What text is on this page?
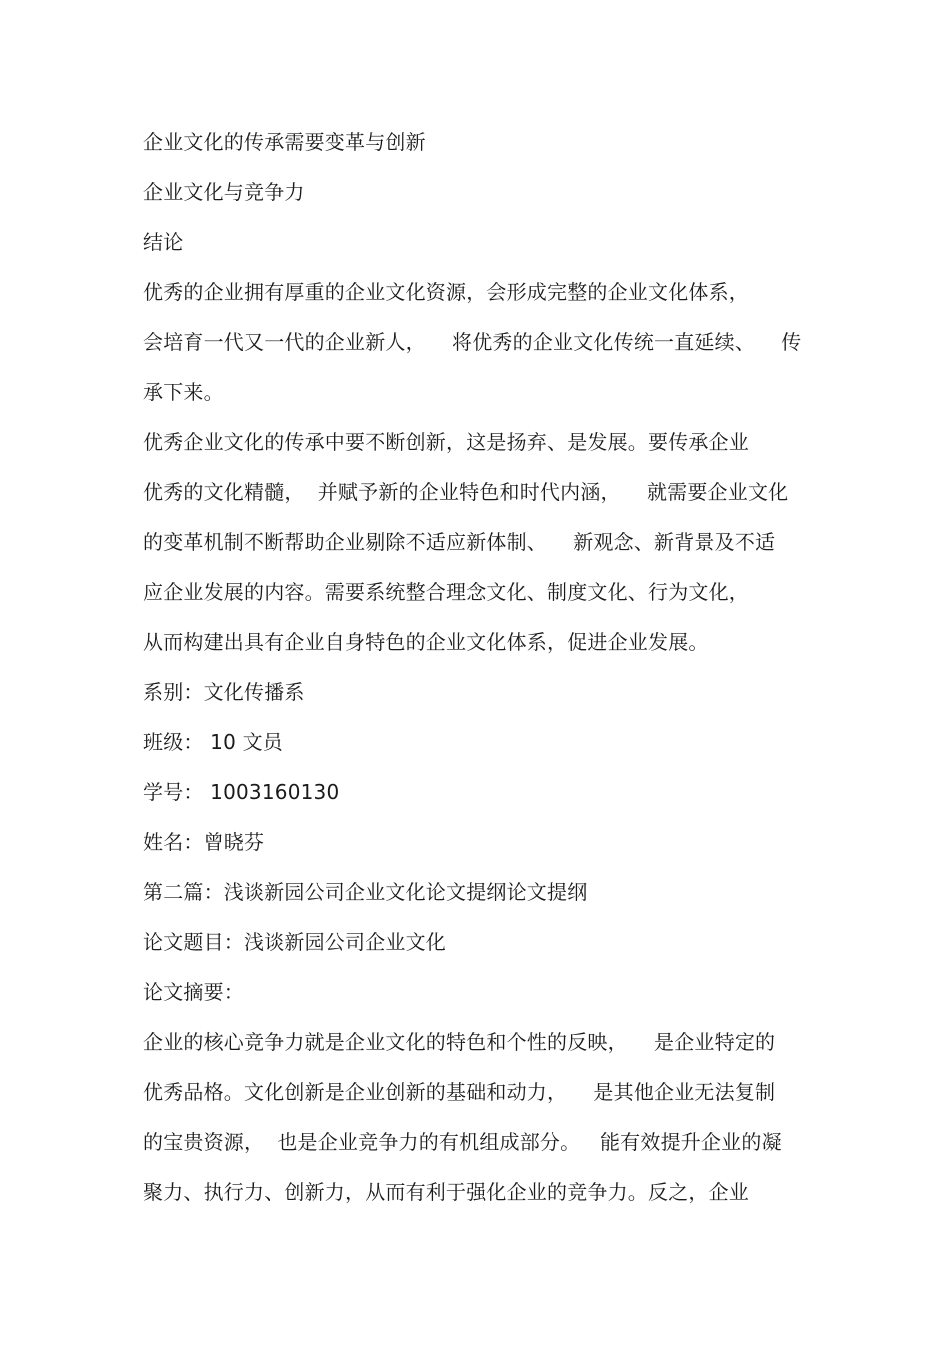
企业文化的传承需要变革与创新
企业文化与竞争力
结论
优秀的企业拥有厚重的企业文化资源，会形成完整的企业文化体系，
会培育一代又一代的企业新人，    将优秀的企业文化传统一直延续、    传
承下来。
优秀企业文化的传承中要不断创新，这是扬弃、是发展。要传承企业
优秀的文化精髓，  并赋予新的企业特色和时代内涵，    就需要企业文化
的变革机制不断帮助企业剔除不适应新体制、    新观念、新背景及不适
应企业发展的内容。需要系统整合理念文化、制度文化、行为文化，
从而构建出具有企业自身特色的企业文化体系，促进企业发展。
系别：文化传播系
班级： 10 文员
学号： 1003160130
姓名：曾晓芬
第二篇：浅谈新园公司企业文化论文提纲论文提纲
论文题目：浅谈新园公司企业文化
论文摘要：
企业的核心竞争力就是企业文化的特色和个性的反映，    是企业特定的
优秀品格。文化创新是企业创新的基础和动力，    是其他企业无法复制
的宝贵资源，  也是企业竞争力的有机组成部分。   能有效提升企业的凝
聚力、执行力、创新力，从而有利于强化企业的竞争力。反之，企业
